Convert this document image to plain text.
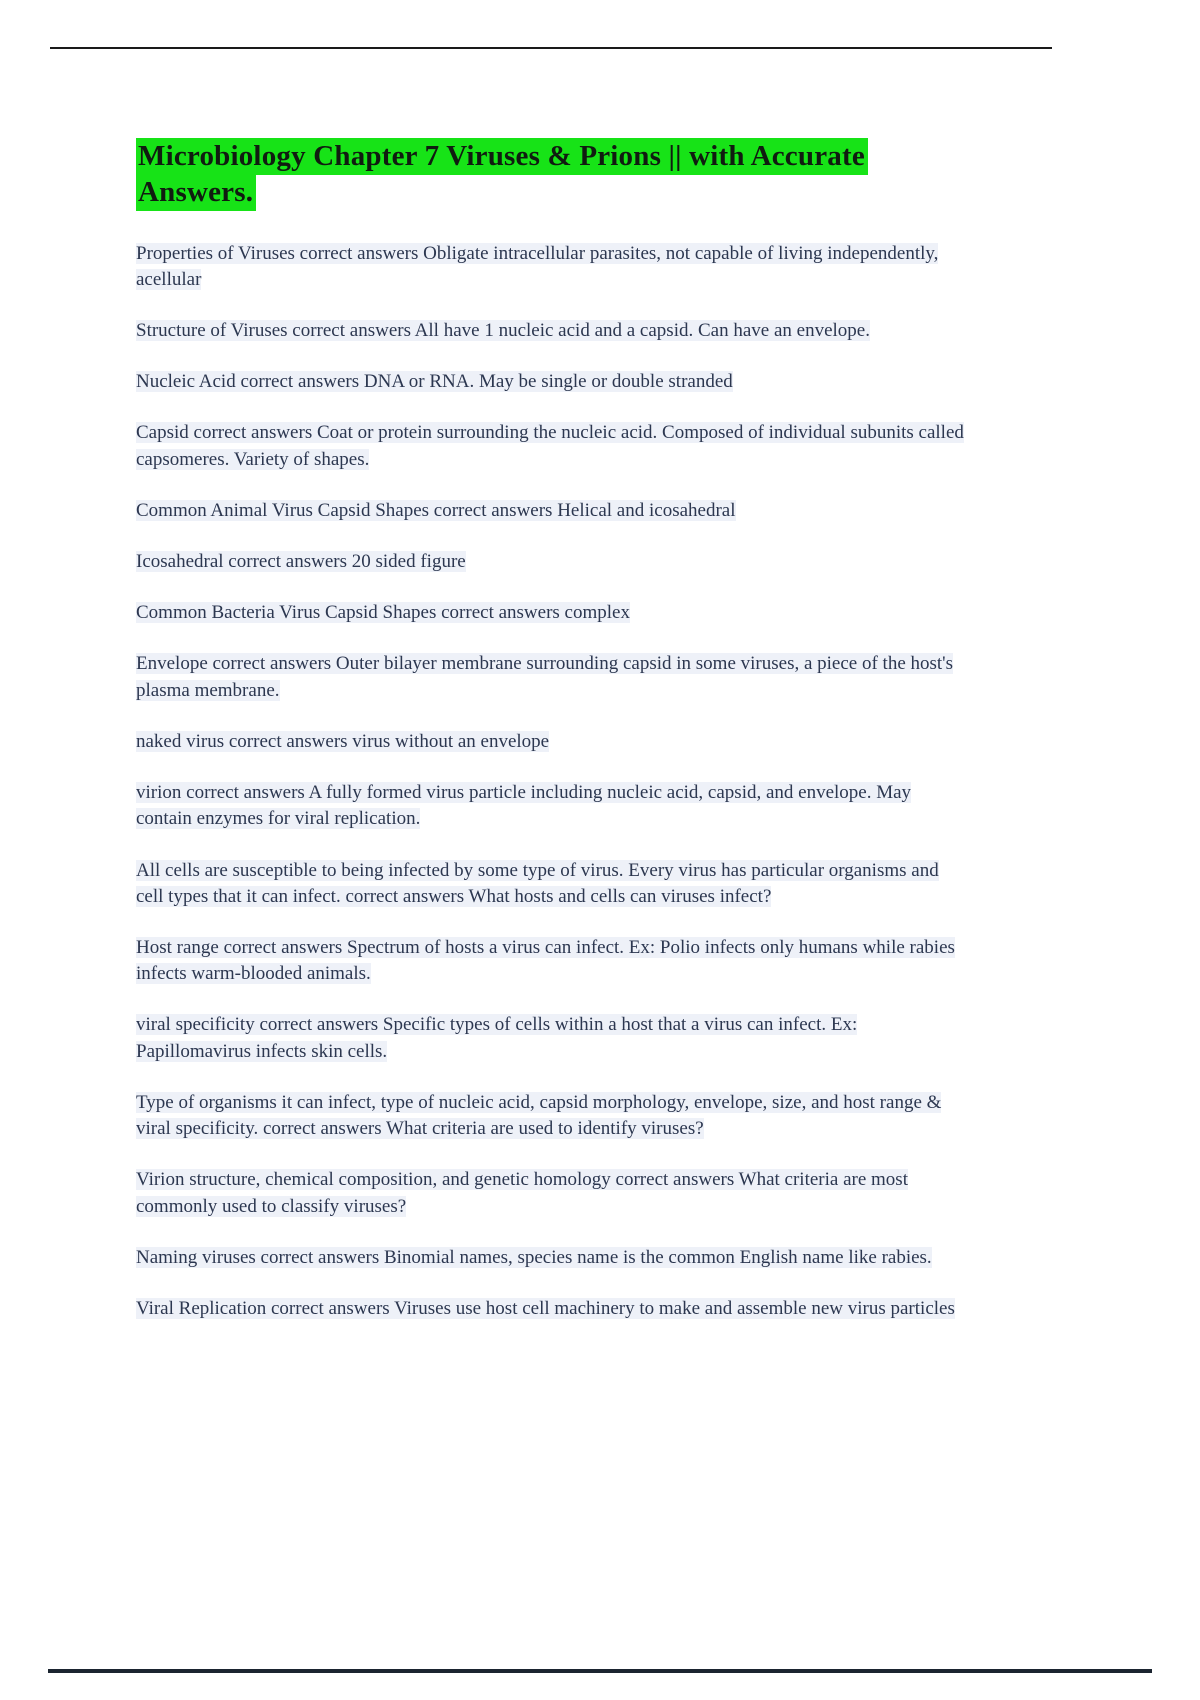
Microbiology Chapter 7 Viruses & Prions || with Accurate Answers.

Properties of Viruses correct answers Obligate intracellular parasites, not capable of living independently, acellular

Structure of Viruses correct answers All have 1 nucleic acid and a capsid. Can have an envelope.

Nucleic Acid correct answers DNA or RNA. May be single or double stranded

Capsid correct answers Coat or protein surrounding the nucleic acid. Composed of individual subunits called capsomeres. Variety of shapes.

Common Animal Virus Capsid Shapes correct answers Helical and icosahedral

Icosahedral correct answers 20 sided figure

Common Bacteria Virus Capsid Shapes correct answers complex

Envelope correct answers Outer bilayer membrane surrounding capsid in some viruses, a piece of the host's plasma membrane.

naked virus correct answers virus without an envelope

virion correct answers A fully formed virus particle including nucleic acid, capsid, and envelope. May contain enzymes for viral replication.

All cells are susceptible to being infected by some type of virus. Every virus has particular organisms and cell types that it can infect. correct answers What hosts and cells can viruses infect?

Host range correct answers Spectrum of hosts a virus can infect. Ex: Polio infects only humans while rabies infects warm-blooded animals.

viral specificity correct answers Specific types of cells within a host that a virus can infect. Ex: Papillomavirus infects skin cells.

Type of organisms it can infect, type of nucleic acid, capsid morphology, envelope, size, and host range & viral specificity. correct answers What criteria are used to identify viruses?

Virion structure, chemical composition, and genetic homology correct answers What criteria are most commonly used to classify viruses?

Naming viruses correct answers Binomial names, species name is the common English name like rabies.

Viral Replication correct answers Viruses use host cell machinery to make and assemble new virus particles
